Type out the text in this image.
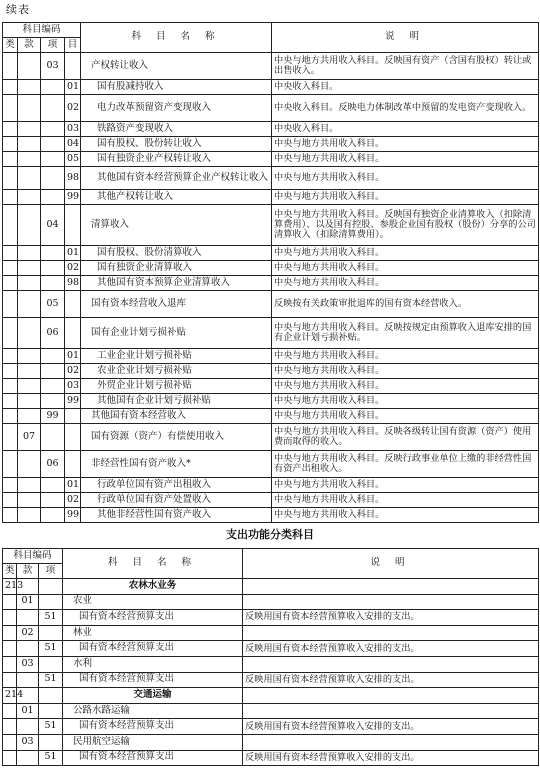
续表
科目编码				科 目 名 称	说 明
类	款	项	目		
		03		产权转让收入	中央与地方共用收入科目。反映国有资产（含国有股权）转让或出售收入。
			01	国有股减持收入	中央收入科目。
			02	电力改革预留资产变现收入	中央收入科目。反映电力体制改革中预留的发电资产变现收入。
			03	铁路资产变现收入	中央收入科目。
			04	国有股权、股份转让收入	中央与地方共用收入科目。
			05	国有独资企业产权转让收入	中央与地方共用收入科目。
			98	其他国有资本经营预算企业产权转让收入	中央与地方共用收入科目。
			99	其他产权转让收入	中央与地方共用收入科目。
		04		清算收入	中央与地方共用收入科目。反映国有独资企业清算收入（扣除清算费用）、以及国有控股、参股企业国有股权（股份）分享的公司清算收入（扣除清算费用）。
			01	国有股权、股份清算收入	中央与地方共用收入科目。
			02	国有独资企业清算收入	中央与地方共用收入科目。
			98	其他国有资本预算企业清算收入	中央与地方共用收入科目。
		05		国有资本经营收入退库	反映按有关政策审批退库的国有资本经营收入。
		06		国有企业计划亏损补贴	中央与地方共用收入科目。反映按规定由预算收入退库安排的国有企业计划亏损补贴。
			01	工业企业计划亏损补贴	中央与地方共用收入科目。
			02	农业企业计划亏损补贴	中央与地方共用收入科目。
			03	外贸企业计划亏损补贴	中央与地方共用收入科目。
			99	其他国有企业计划亏损补贴	中央与地方共用收入科目。
		99		其他国有资本经营收入	中央与地方共用收入科目。
	07			国有资源（资产）有偿使用收入	中央与地方共用收入科目。反映各级转让国有资源（资产）使用费而取得的收入。
		06		非经营性国有资产收入*	中央与地方共用收入科目。反映行政事业单位上缴的非经营性国有资产出租收入。
			01	行政单位国有资产出租收入	中央与地方共用收入科目。
			02	行政单位国有资产处置收入	中央与地方共用收入科目。
			99	其他非经营性国有资产收入	中央与地方共用收入科目。
支出功能分类科目
科目编码			科 目 名 称	说 明
类	款	项		
213			农林水业务	
	01		农业	
		51	国有资本经营预算支出	反映用国有资本经营预算收入安排的支出。
	02		林业	
		51	国有资本经营预算支出	反映用国有资本经营预算收入安排的支出。
	03		水利	
		51	国有资本经营预算支出	反映用国有资本经营预算收入安排的支出。
214			交通运输	
	01		公路水路运输	
		51	国有资本经营预算支出	反映用国有资本经营预算收入安排的支出。
	03		民用航空运输	
		51	国有资本经营预算支出	反映用国有资本经营预算收入安排的支出。
